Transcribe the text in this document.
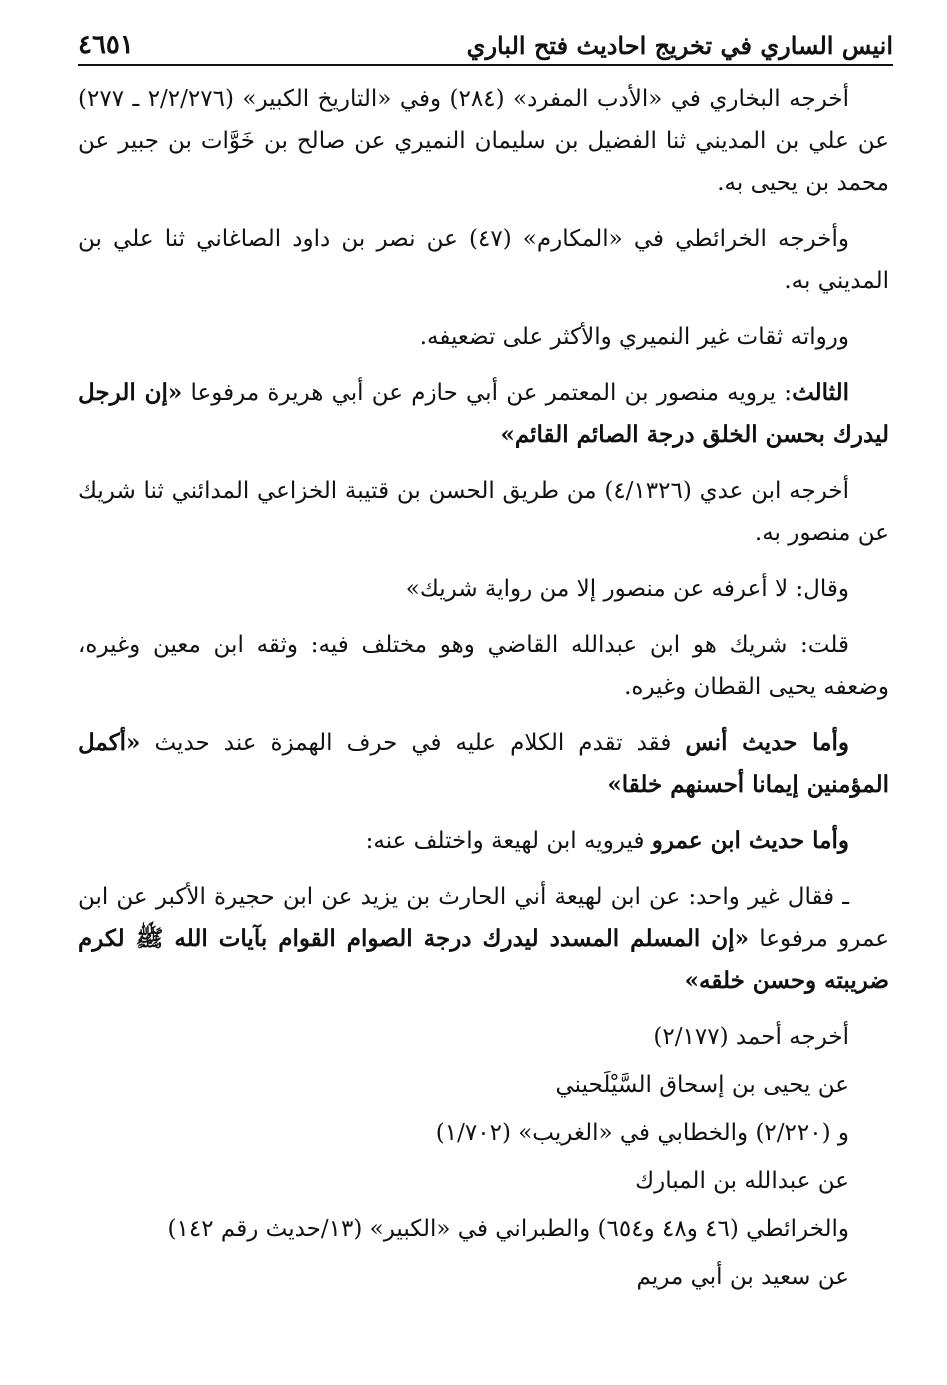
انيس الساري في تخريج احاديث فتح الباري
٤٦٥١

أخرجه البخاري في «الأدب المفرد» (٢٨٤) وفي «التاريخ الكبير» (٢/٢/٢٧٦ ـ ٢٧٧) عن علي بن المديني ثنا الفضيل بن سليمان النميري عن صالح بن خَوَّات بن جبير عن محمد بن يحيى به.

وأخرجه الخرائطي في «المكارم» (٤٧) عن نصر بن داود الصاغاني ثنا علي بن المديني به.

ورواته ثقات غير النميري والأكثر على تضعيفه.

الثالث: يرويه منصور بن المعتمر عن أبي حازم عن أبي هريرة مرفوعا «إن الرجل ليدرك بحسن الخلق درجة الصائم القائم»

أخرجه ابن عدي (٤/١٣٢٦) من طريق الحسن بن قتيبة الخزاعي المدائني ثنا شريك عن منصور به.

وقال: لا أعرفه عن منصور إلا من رواية شريك»

قلت: شريك هو ابن عبدالله القاضي وهو مختلف فيه: وثقه ابن معين وغيره، وضعفه يحيى القطان وغيره.

وأما حديث أنس فقد تقدم الكلام عليه في حرف الهمزة عند حديث «أكمل المؤمنين إيمانا أحسنهم خلقا»

وأما حديث ابن عمرو فيرويه ابن لهيعة واختلف عنه:

ـ فقال غير واحد: عن ابن لهيعة أني الحارث بن يزيد عن ابن حجيرة الأكبر عن ابن عمرو مرفوعا «إن المسلم المسدد ليدرك درجة الصوام القوام بآيات الله ﷺ لكرم ضريبته وحسن خلقه»

أخرجه أحمد (٢/١٧٧)

عن يحيى بن إسحاق السَّيْلَحيني

و (٢/٢٢٠) والخطابي في «الغريب» (١/٧٠٢)

عن عبدالله بن المبارك

والخرائطي (٤٦ و٤٨ و٦٥٤) والطبراني في «الكبير» (١٣/حديث رقم ١٤٢)

عن سعيد بن أبي مريم
